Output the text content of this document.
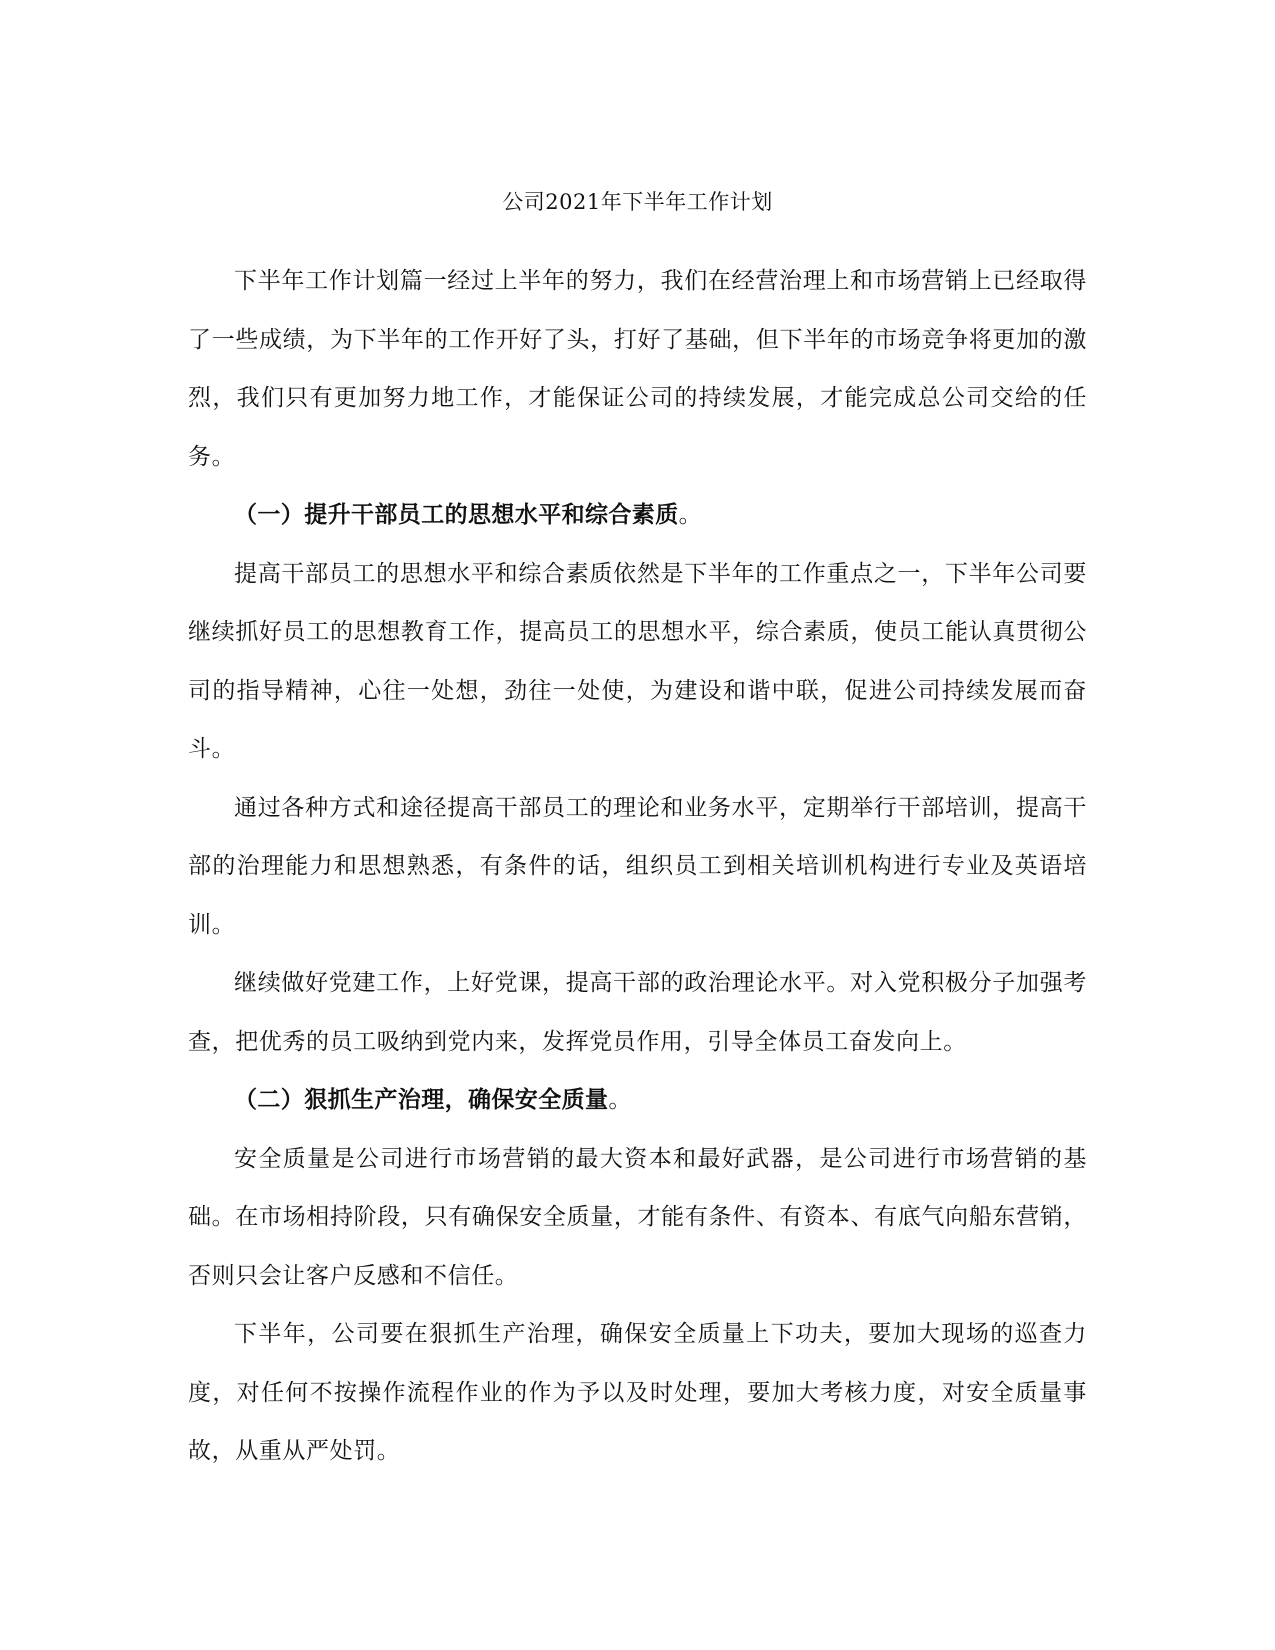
公司2021年下半年工作计划

下半年工作计划篇一经过上半年的努力，我们在经营治理上和市场营销上已经取得了一些成绩，为下半年的工作开好了头，打好了基础，但下半年的市场竞争将更加的激烈，我们只有更加努力地工作，才能保证公司的持续发展，才能完成总公司交给的任务。

（一）提升干部员工的思想水平和综合素质。

提高干部员工的思想水平和综合素质依然是下半年的工作重点之一，下半年公司要继续抓好员工的思想教育工作，提高员工的思想水平，综合素质，使员工能认真贯彻公司的指导精神，心往一处想，劲往一处使，为建设和谐中联，促进公司持续发展而奋斗。

通过各种方式和途径提高干部员工的理论和业务水平，定期举行干部培训，提高干部的治理能力和思想熟悉，有条件的话，组织员工到相关培训机构进行专业及英语培训。

继续做好党建工作，上好党课，提高干部的政治理论水平。对入党积极分子加强考查，把优秀的员工吸纳到党内来，发挥党员作用，引导全体员工奋发向上。

（二）狠抓生产治理，确保安全质量。

安全质量是公司进行市场营销的最大资本和最好武器，是公司进行市场营销的基础。在市场相持阶段，只有确保安全质量，才能有条件、有资本、有底气向船东营销，否则只会让客户反感和不信任。

下半年，公司要在狠抓生产治理，确保安全质量上下功夫，要加大现场的巡查力度，对任何不按操作流程作业的作为予以及时处理，要加大考核力度，对安全质量事故，从重从严处罚。
